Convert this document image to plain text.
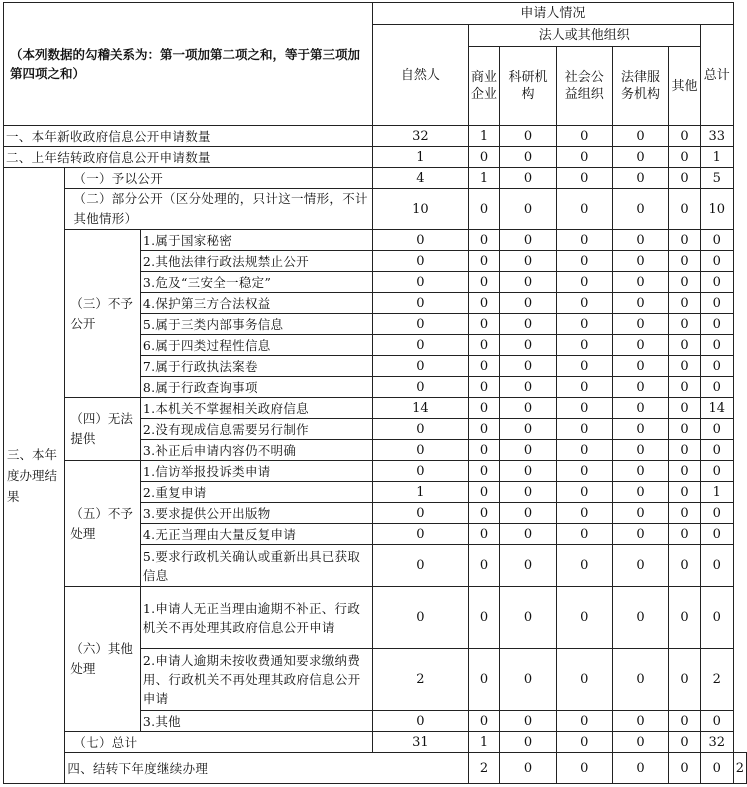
（本列数据的勾稽关系为：第一项加第二项之和，等于第三项加第四项之和）			申请人情况							
			自然人	法人或其他组织					总计	
				商业企业	科研机构	社会公益组织	法律服务机构	其他		
一、本年新收政府信息公开申请数量			32	1	0	0	0	0	33	
二、上年结转政府信息公开申请数量			1	0	0	0	0	0	1	
三、本年度办理结果	（一）予以公开		4	1	0	0	0	0	5	
	（二）部分公开（区分处理的，只计这一情形，不计其他情形）		10	0	0	0	0	0	10	
	（三）不予公开	1.属于国家秘密	0	0	0	0	0	0	0	
		2.其他法律行政法规禁止公开	0	0	0	0	0	0	0	
		3.危及“三安全一稳定”	0	0	0	0	0	0	0	
		4.保护第三方合法权益	0	0	0	0	0	0	0	
		5.属于三类内部事务信息	0	0	0	0	0	0	0	
		6.属于四类过程性信息	0	0	0	0	0	0	0	
		7.属于行政执法案卷	0	0	0	0	0	0	0	
		8.属于行政查询事项	0	0	0	0	0	0	0	
	（四）无法提供	1.本机关不掌握相关政府信息	14	0	0	0	0	0	14	
		2.没有现成信息需要另行制作	0	0	0	0	0	0	0	
		3.补正后申请内容仍不明确	0	0	0	0	0	0	0	
	（五）不予处理	1.信访举报投诉类申请	0	0	0	0	0	0	0	
		2.重复申请	1	0	0	0	0	0	1	
		3.要求提供公开出版物	0	0	0	0	0	0	0	
		4.无正当理由大量反复申请	0	0	0	0	0	0	0	
		5.要求行政机关确认或重新出具已获取信息	0	0	0	0	0	0	0	
	（六）其他处理	1.申请人无正当理由逾期不补正、行政机关不再处理其政府信息公开申请	0	0	0	0	0	0	0	
		2.申请人逾期未按收费通知要求缴纳费用、行政机关不再处理其政府信息公开申请	2	0	0	0	0	0	2	
		3.其他	0	0	0	0	0	0	0	
	（七）总计		31	1	0	0	0	0	32	
	四、结转下年度继续办理			2	0	0	0	0	0	2
